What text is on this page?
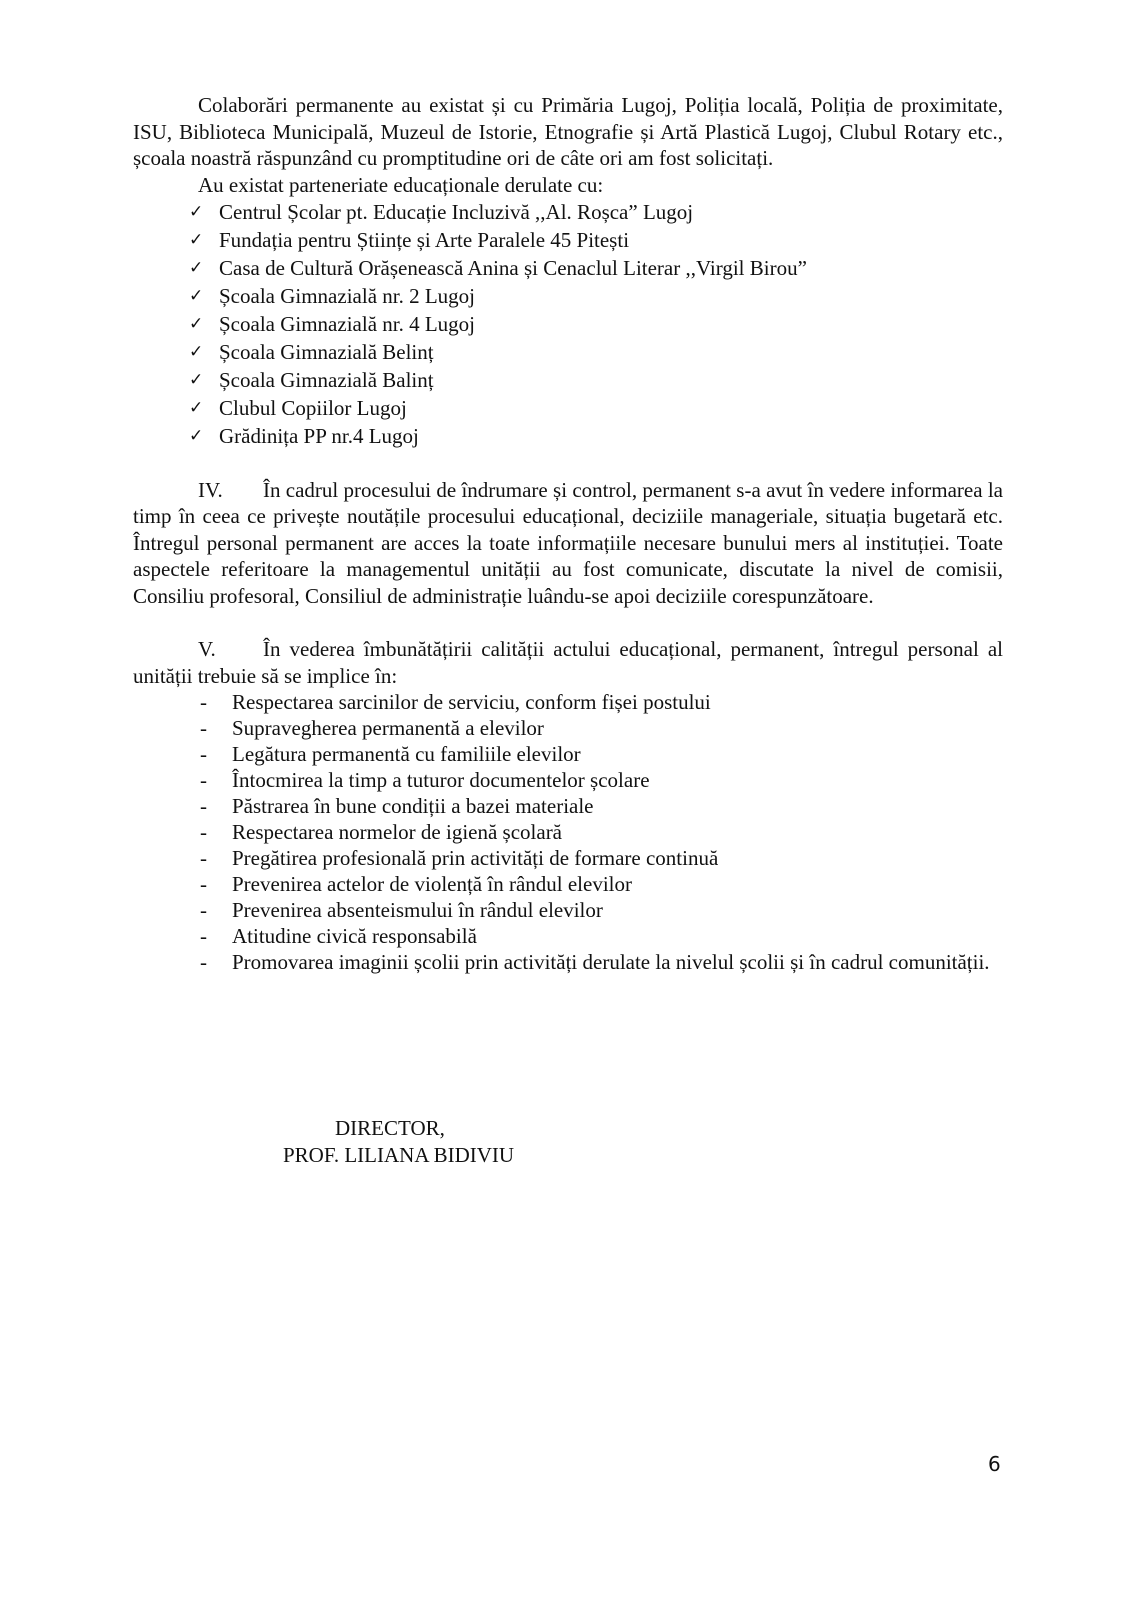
Colaborări permanente au existat și cu Primăria Lugoj, Poliția locală, Poliția de proximitate, ISU, Biblioteca Municipală, Muzeul de Istorie, Etnografie și Artă Plastică Lugoj, Clubul Rotary etc., școala noastră răspunzând cu promptitudine ori de câte ori am fost solicitați.

Au existat parteneriate educaționale derulate cu:

✓ Centrul Școlar pt. Educație Incluzivă ,,Al. Roșca” Lugoj
✓ Fundația pentru Științe și Arte Paralele 45 Pitești
✓ Casa de Cultură Orășenească Anina și Cenaclul Literar ,,Virgil Birou”
✓ Școala Gimnazială nr. 2 Lugoj
✓ Școala Gimnazială nr. 4 Lugoj
✓ Școala Gimnazială Belinț
✓ Școala Gimnazială Balinț
✓ Clubul Copiilor Lugoj
✓ Grădinița PP nr.4 Lugoj

IV. În cadrul procesului de îndrumare și control, permanent s-a avut în vedere informarea la timp în ceea ce privește noutățile procesului educațional, deciziile manageriale, situația bugetară etc. Întregul personal permanent are acces la toate informațiile necesare bunului mers al instituției. Toate aspectele referitoare la managementul unității au fost comunicate, discutate la nivel de comisii, Consiliu profesoral, Consiliul de administrație luându-se apoi deciziile corespunzătoare.

V. În vederea îmbunătățirii calității actului educațional, permanent, întregul personal al unității trebuie să se implice în:

- Respectarea sarcinilor de serviciu, conform fișei postului
- Supravegherea permanentă a elevilor
- Legătura permanentă cu familiile elevilor
- Întocmirea la timp a tuturor documentelor școlare
- Păstrarea în bune condiții a bazei materiale
- Respectarea normelor de igienă școlară
- Pregătirea profesională prin activități de formare continuă
- Prevenirea actelor de violență în rândul elevilor
- Prevenirea absenteismului în rândul elevilor
- Atitudine civică responsabilă
- Promovarea imaginii școlii prin activități derulate la nivelul școlii și în cadrul comunității.
DIRECTOR,
PROF. LILIANA BIDIVIU
6
